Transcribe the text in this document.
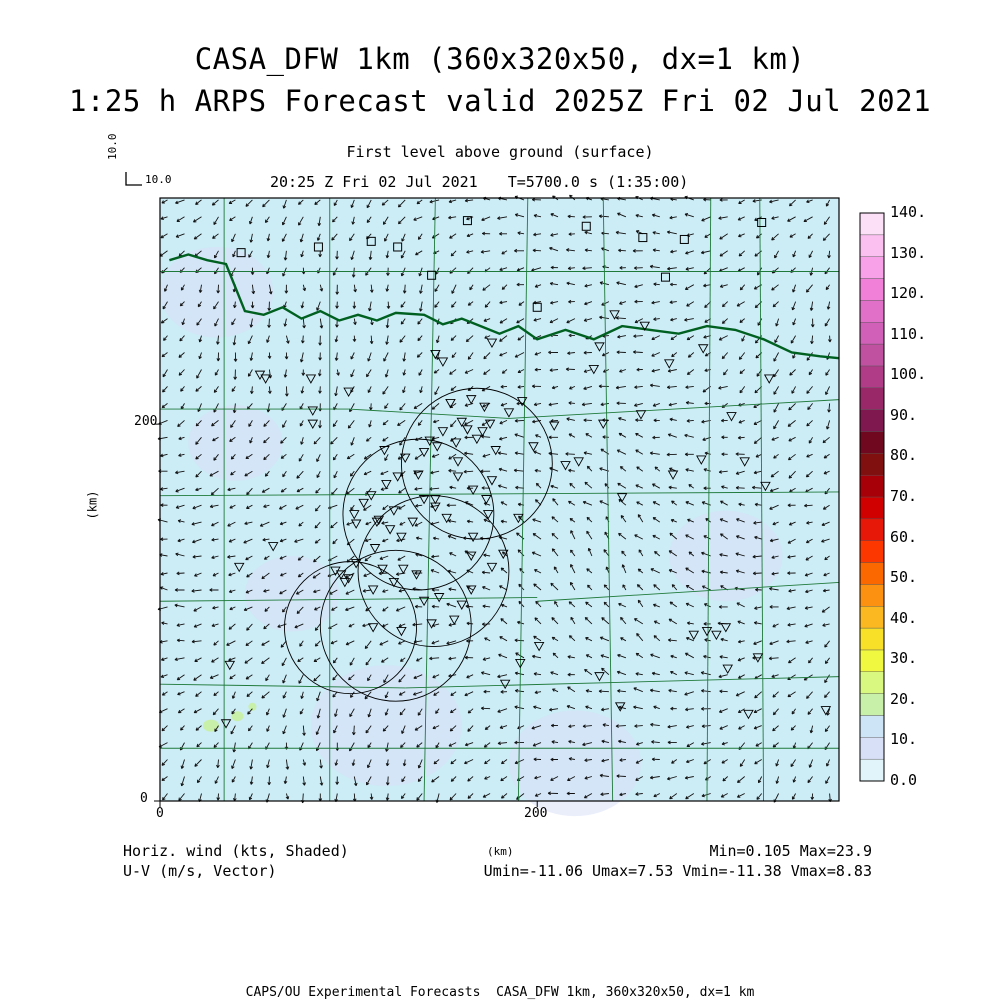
CASA_DFW 1km (360x320x50, dx=1 km)
1:25 h ARPS Forecast valid 2025Z Fri 02 Jul 2021
First level above ground (surface)
20:25 Z Fri 02 Jul 2021 T=5700.0 s (1:35:00)
10.0
10.0
200
0
0	200
(km)
(km)
0.0
10.
20.
30.
40.
50.
60.
70.
80.
90.
100.
110.
120.
130.
140.
Horiz. wind (kts, Shaded)
U-V (m/s, Vector)
Min=0.105 Max=23.9
Umin=-11.06 Umax=7.53 Vmin=-11.38 Vmax=8.83
CAPS/OU Experimental Forecasts  CASA_DFW 1km, 360x320x50, dx=1 km
